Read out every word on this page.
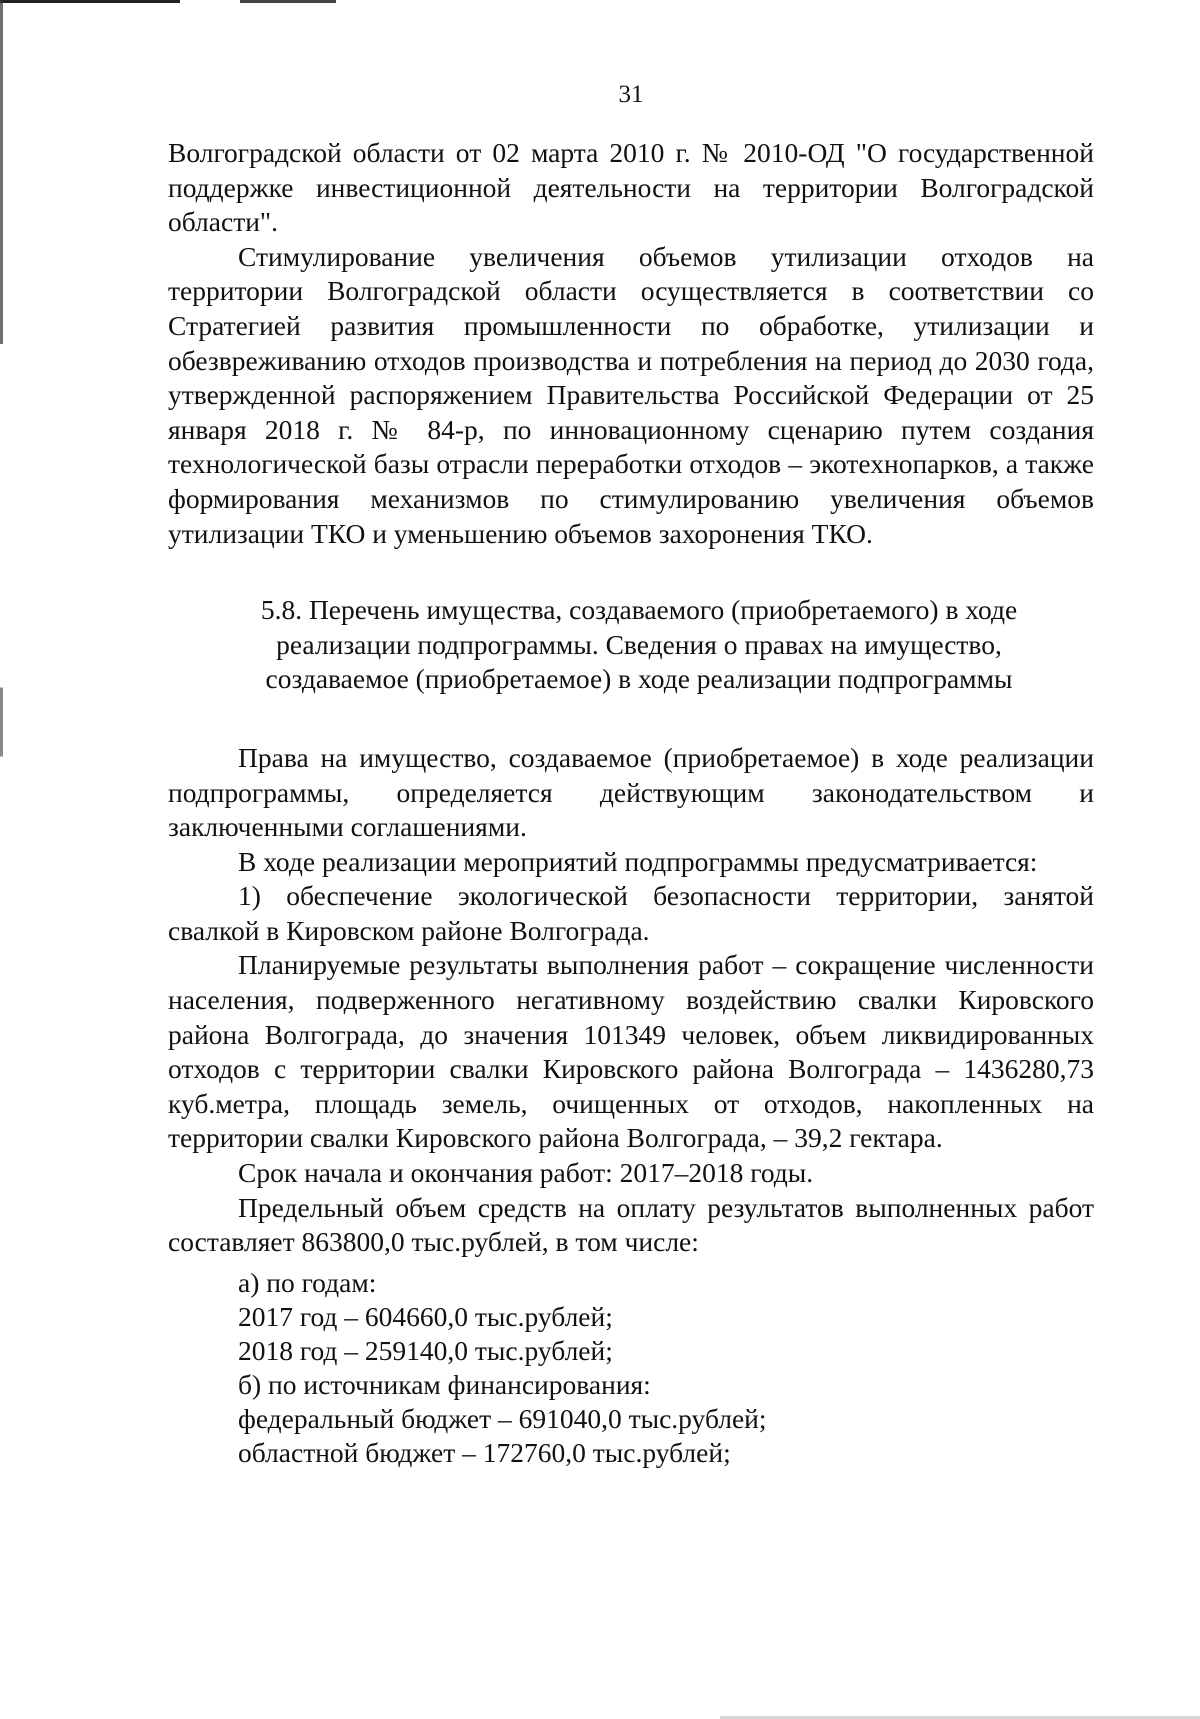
31

Волгоградской области от 02 марта 2010 г. № 2010-ОД "О государственной поддержке инвестиционной деятельности на территории Волгоградской области".

Стимулирование увеличения объемов утилизации отходов на территории Волгоградской области осуществляется в соответствии со Стратегией развития промышленности по обработке, утилизации и обезвреживанию отходов производства и потребления на период до 2030 года, утвержденной распоряжением Правительства Российской Федерации от 25 января 2018 г. № 84-р, по инновационному сценарию путем создания технологической базы отрасли переработки отходов – экотехнопарков, а также формирования механизмов по стимулированию увеличения объемов утилизации ТКО и уменьшению объемов захоронения ТКО.

5.8. Перечень имущества, создаваемого (приобретаемого) в ходе

реализации подпрограммы. Сведения о правах на имущество,

создаваемое (приобретаемое) в ходе реализации подпрограммы

Права на имущество, создаваемое (приобретаемое) в ходе реализации подпрограммы, определяется действующим законодательством и заключенными соглашениями.

В ходе реализации мероприятий подпрограммы предусматривается:

1) обеспечение экологической безопасности территории, занятой свалкой в Кировском районе Волгограда.

Планируемые результаты выполнения работ – сокращение численности населения, подверженного негативному воздействию свалки Кировского района Волгограда, до значения 101349 человек, объем ликвидированных отходов с территории свалки Кировского района Волгограда – 1436280,73 куб.метра, площадь земель, очищенных от отходов, накопленных на территории свалки Кировского района Волгограда, – 39,2 гектара.

Срок начала и окончания работ: 2017–2018 годы.

Предельный объем средств на оплату результатов выполненных работ составляет 863800,0 тыс.рублей, в том числе:

а) по годам:

2017 год – 604660,0 тыс.рублей;

2018 год – 259140,0 тыс.рублей;

б) по источникам финансирования:

федеральный бюджет – 691040,0 тыс.рублей;

областной бюджет – 172760,0 тыс.рублей;
